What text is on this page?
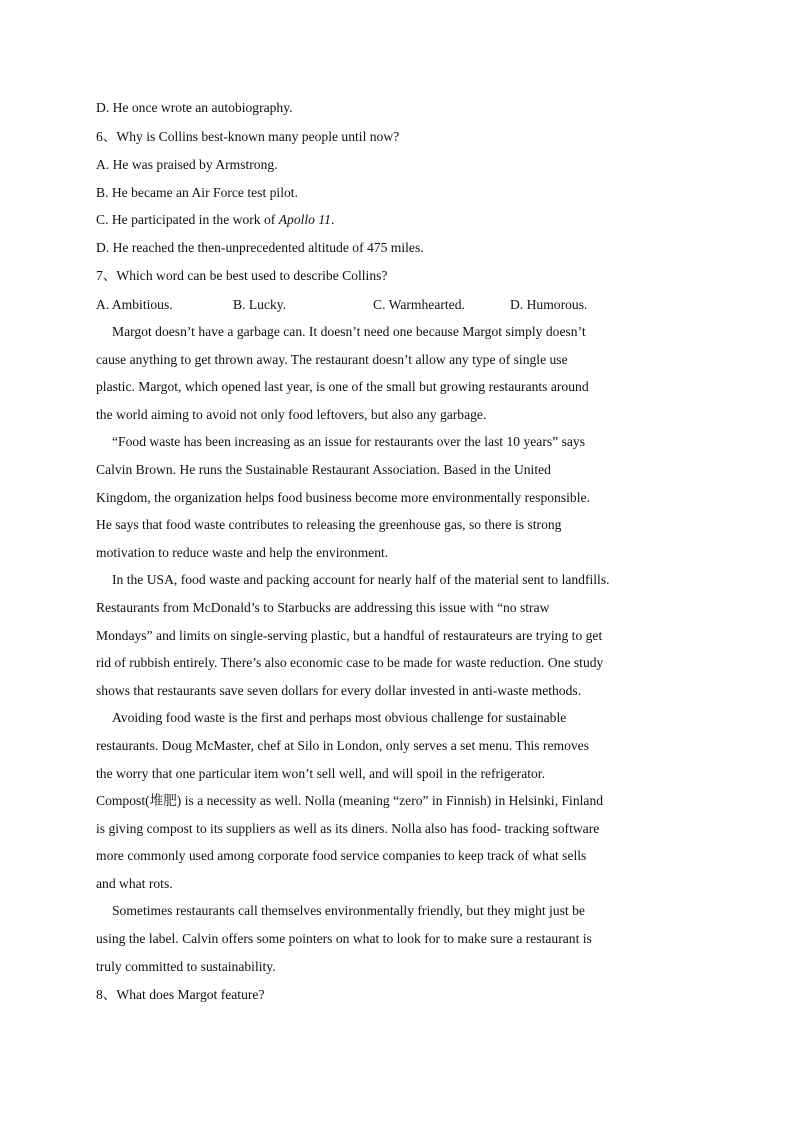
D. He once wrote an autobiography.
6、Why is Collins best-known many people until now?
A. He was praised by Armstrong.
B. He became an Air Force test pilot.
C. He participated in the work of Apollo 11.
D. He reached the then-unprecedented altitude of 475 miles.
7、Which word can be best used to describe Collins?
A. Ambitious.	B. Lucky.	C. Warmhearted.	D. Humorous.
Margot doesn’t have a garbage can. It doesn’t need one because Margot simply doesn’t
cause anything to get thrown away. The restaurant doesn’t allow any type of single use
plastic. Margot, which opened last year, is one of the small but growing restaurants around
the world aiming to avoid not only food leftovers, but also any garbage.
“Food waste has been increasing as an issue for restaurants over the last 10 years” says
Calvin Brown. He runs the Sustainable Restaurant Association. Based in the United
Kingdom, the organization helps food business become more environmentally responsible.
He says that food waste contributes to releasing the greenhouse gas, so there is strong
motivation to reduce waste and help the environment.
In the USA, food waste and packing account for nearly half of the material sent to landfills.
Restaurants from McDonald’s to Starbucks are addressing this issue with “no straw
Mondays” and limits on single-serving plastic, but a handful of restaurateurs are trying to get
rid of rubbish entirely. There’s also economic case to be made for waste reduction. One study
shows that restaurants save seven dollars for every dollar invested in anti-waste methods.
Avoiding food waste is the first and perhaps most obvious challenge for sustainable
restaurants. Doug McMaster, chef at Silo in London, only serves a set menu. This removes
the worry that one particular item won’t sell well, and will spoil in the refrigerator.
Compost(堆肥) is a necessity as well. Nolla (meaning “zero” in Finnish) in Helsinki, Finland
is giving compost to its suppliers as well as its diners. Nolla also has food- tracking software
more commonly used among corporate food service companies to keep track of what sells
and what rots.
Sometimes restaurants call themselves environmentally friendly, but they might just be
using the label. Calvin offers some pointers on what to look for to make sure a restaurant is
truly committed to sustainability.
8、What does Margot feature?
